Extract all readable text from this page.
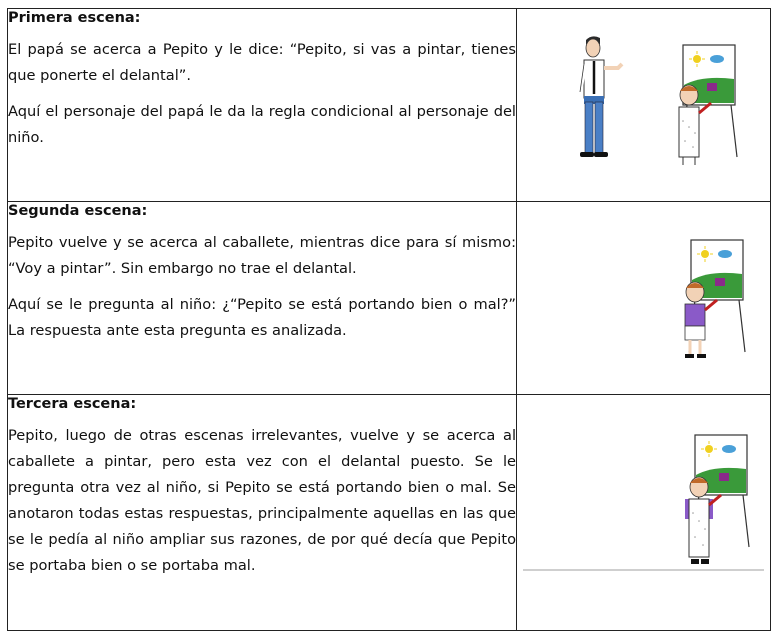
Primera escena:
El papá se acerca a Pepito y le dice: “Pepito, si vas a pintar, tienes que ponerte el delantal”.
Aquí el personaje del papá le da la regla condicional al personaje del niño.

Segunda escena:
Pepito vuelve y se acerca al caballete, mientras dice para sí mismo: “Voy a pintar”. Sin embargo no trae el delantal.
Aquí se le pregunta al niño: ¿“Pepito se está portando bien o mal?” La respuesta ante esta pregunta es analizada.

Tercera escena:
Pepito, luego de otras escenas irrelevantes, vuelve y se acerca al caballete a pintar, pero esta vez con el delantal puesto. Se le pregunta otra vez al niño, si Pepito se está portando bien o mal. Se anotaron todas estas respuestas, principalmente aquellas en las que se le pedía al niño ampliar sus razones, de por qué decía que Pepito se portaba bien o se portaba mal.
